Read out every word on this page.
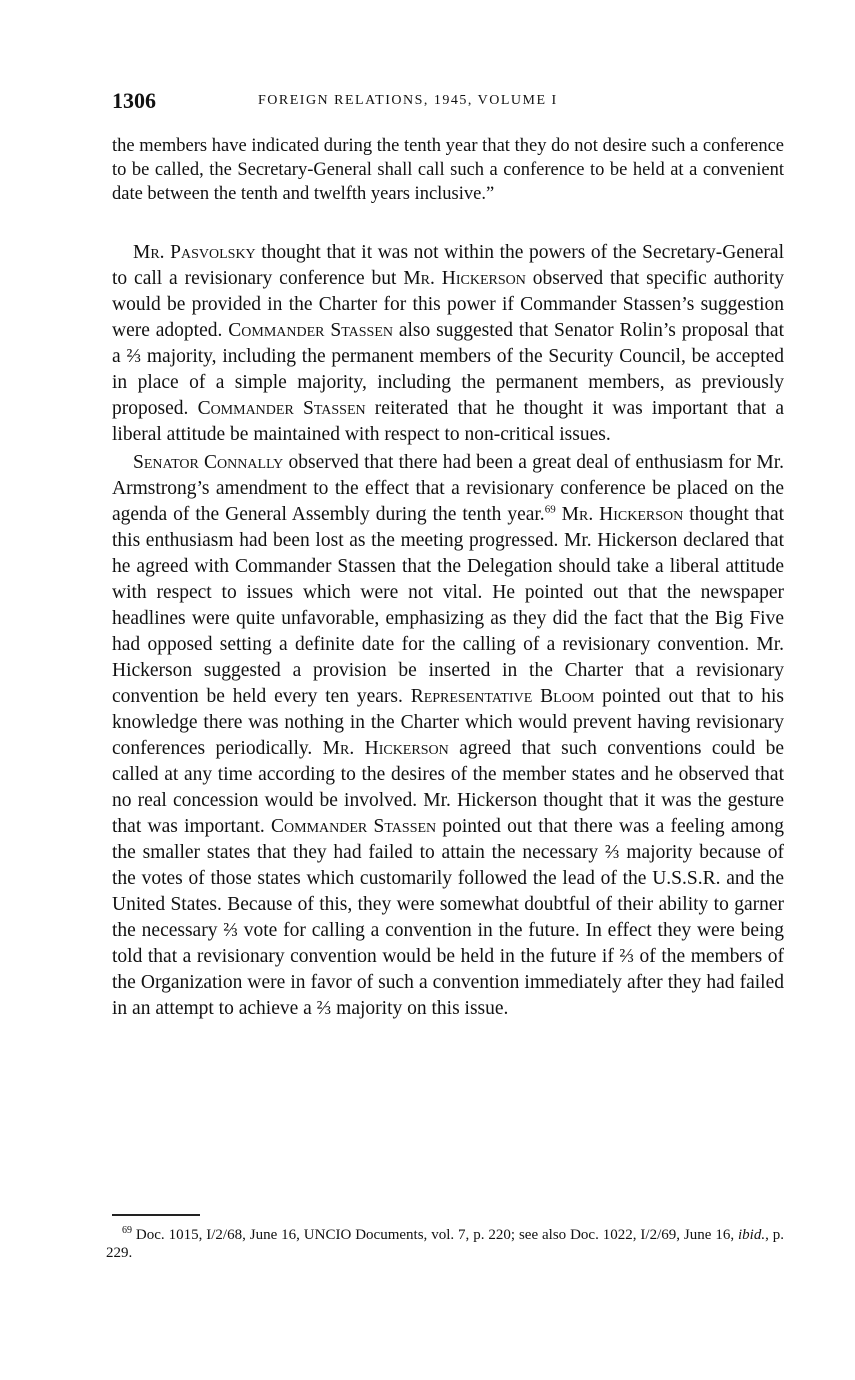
1306	FOREIGN RELATIONS, 1945, VOLUME I
the members have indicated during the tenth year that they do not desire such a conference to be called, the Secretary-General shall call such a conference to be held at a convenient date between the tenth and twelfth years inclusive.”

Mr. Pasvolsky thought that it was not within the powers of the Secretary-General to call a revisionary conference but Mr. Hickerson observed that specific authority would be provided in the Charter for this power if Commander Stassen’s suggestion were adopted. Commander Stassen also suggested that Senator Rolin’s proposal that a ⅔ majority, including the permanent members of the Security Council, be accepted in place of a simple majority, including the permanent members, as previously proposed. Commander Stassen reiterated that he thought it was important that a liberal attitude be maintained with respect to non-critical issues.

Senator Connally observed that there had been a great deal of enthusiasm for Mr. Armstrong’s amendment to the effect that a revisionary conference be placed on the agenda of the General Assembly during the tenth year.$^{69}$ Mr. Hickerson thought that this enthusiasm had been lost as the meeting progressed. Mr. Hickerson declared that he agreed with Commander Stassen that the Delegation should take a liberal attitude with respect to issues which were not vital. He pointed out that the newspaper headlines were quite unfavorable, emphasizing as they did the fact that the Big Five had opposed setting a definite date for the calling of a revisionary convention. Mr. Hickerson suggested a provision be inserted in the Charter that a revisionary convention be held every ten years. Representative Bloom pointed out that to his knowledge there was nothing in the Charter which would prevent having revisionary conferences periodically. Mr. Hickerson agreed that such conventions could be called at any time according to the desires of the member states and he observed that no real concession would be involved. Mr. Hickerson thought that it was the gesture that was important. Commander Stassen pointed out that there was a feeling among the smaller states that they had failed to attain the necessary ⅔ majority because of the votes of those states which customarily followed the lead of the U.S.S.R. and the United States. Because of this, they were somewhat doubtful of their ability to garner the necessary ⅔ vote for calling a convention in the future. In effect they were being told that a revisionary convention would be held in the future if ⅔ of the members of the Organization were in favor of such a convention immediately after they had failed in an attempt to achieve a ⅔ majority on this issue.

$^{69}$ Doc. 1015, I/2/68, June 16, UNCIO Documents, vol. 7, p. 220; see also Doc. 1022, I/2/69, June 16, ibid., p. 229.
